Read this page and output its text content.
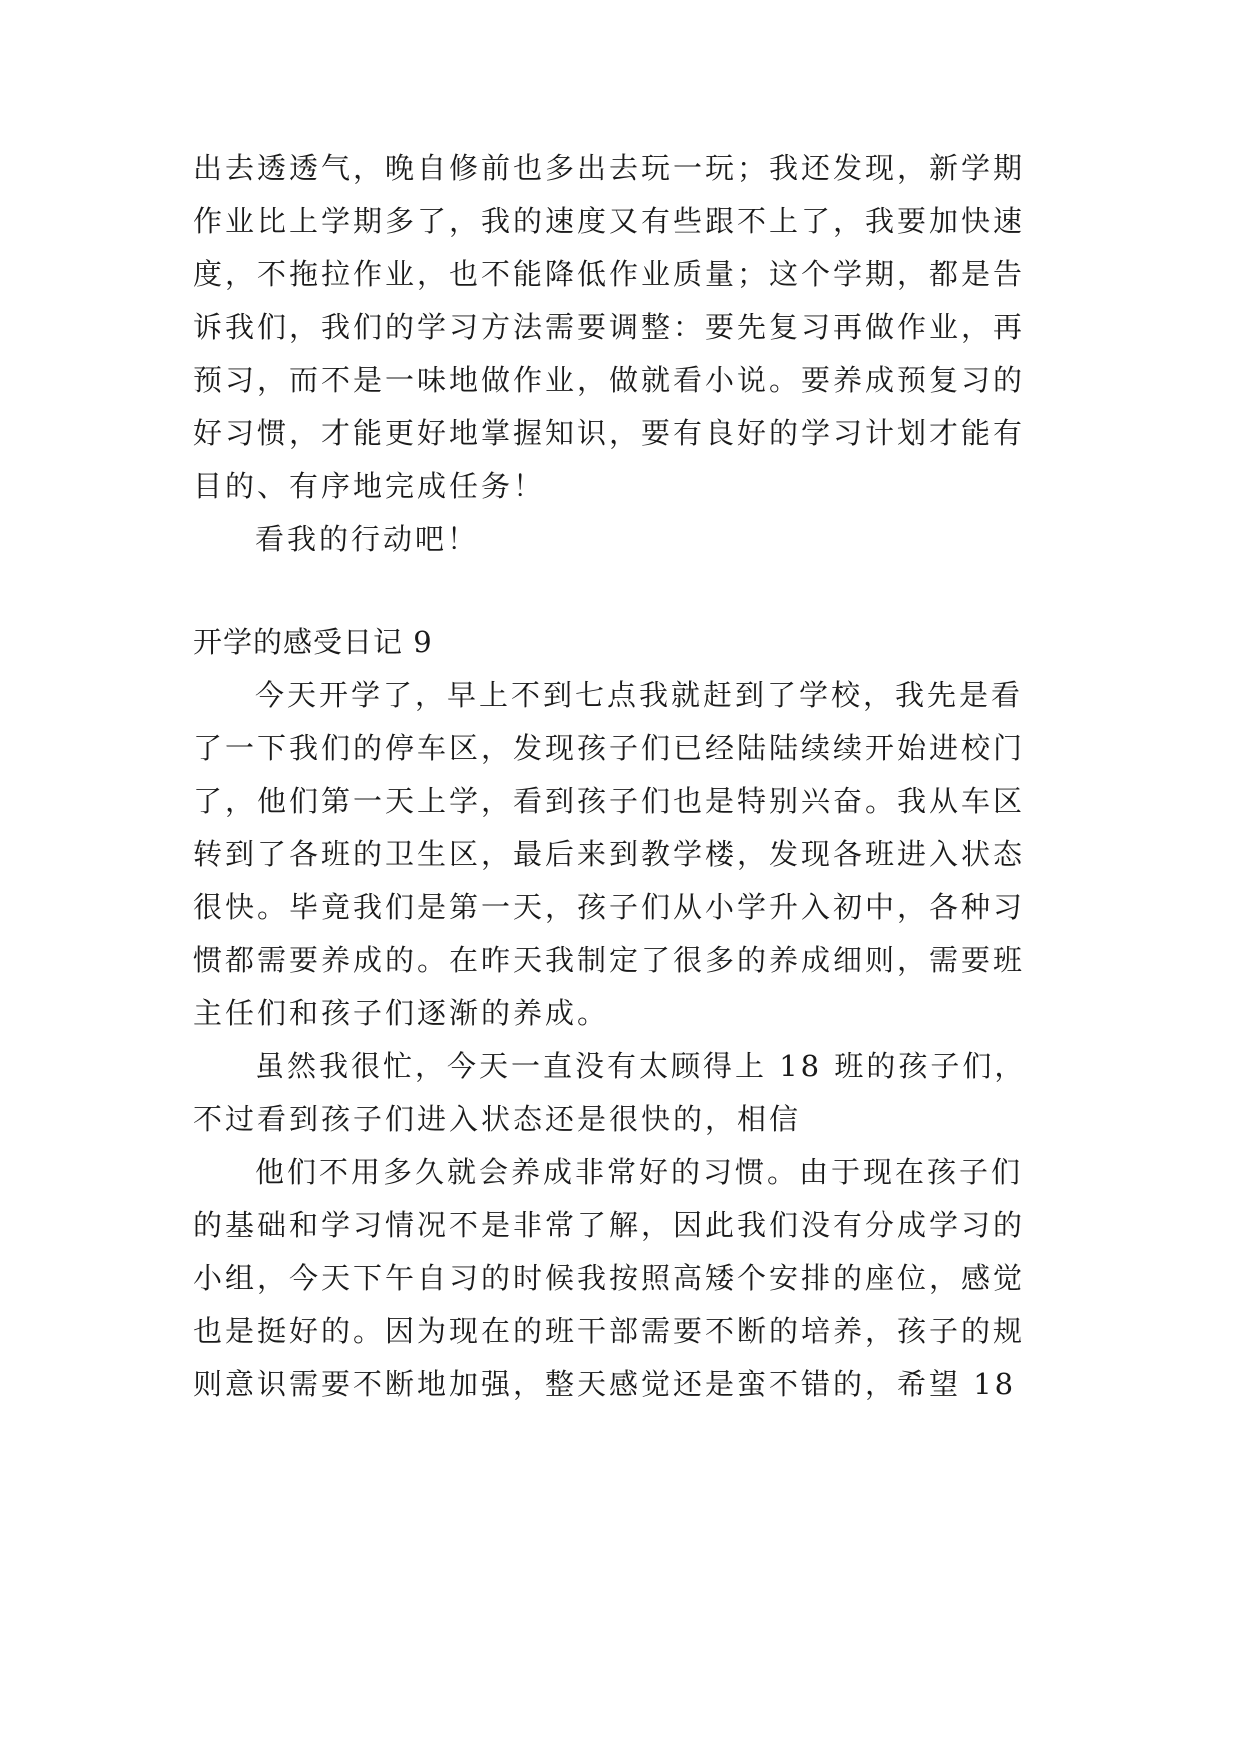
出去透透气，晚自修前也多出去玩一玩；我还发现，新学期
作业比上学期多了，我的速度又有些跟不上了，我要加快速
度，不拖拉作业，也不能降低作业质量；这个学期，都是告
诉我们，我们的学习方法需要调整：要先复习再做作业，再
预习，而不是一味地做作业，做就看小说。要养成预复习的
好习惯，才能更好地掌握知识，要有良好的学习计划才能有
目的、有序地完成任务！
看我的行动吧！
开学的感受日记 9
今天开学了，早上不到七点我就赶到了学校，我先是看
了一下我们的停车区，发现孩子们已经陆陆续续开始进校门
了，他们第一天上学，看到孩子们也是特别兴奋。我从车区
转到了各班的卫生区，最后来到教学楼，发现各班进入状态
很快。毕竟我们是第一天，孩子们从小学升入初中，各种习
惯都需要养成的。在昨天我制定了很多的养成细则，需要班
主任们和孩子们逐渐的养成。
虽然我很忙，今天一直没有太顾得上 18 班的孩子们，
不过看到孩子们进入状态还是很快的，相信
他们不用多久就会养成非常好的习惯。由于现在孩子们
的基础和学习情况不是非常了解，因此我们没有分成学习的
小组，今天下午自习的时候我按照高矮个安排的座位，感觉
也是挺好的。因为现在的班干部需要不断的培养，孩子的规
则意识需要不断地加强，整天感觉还是蛮不错的，希望 18
